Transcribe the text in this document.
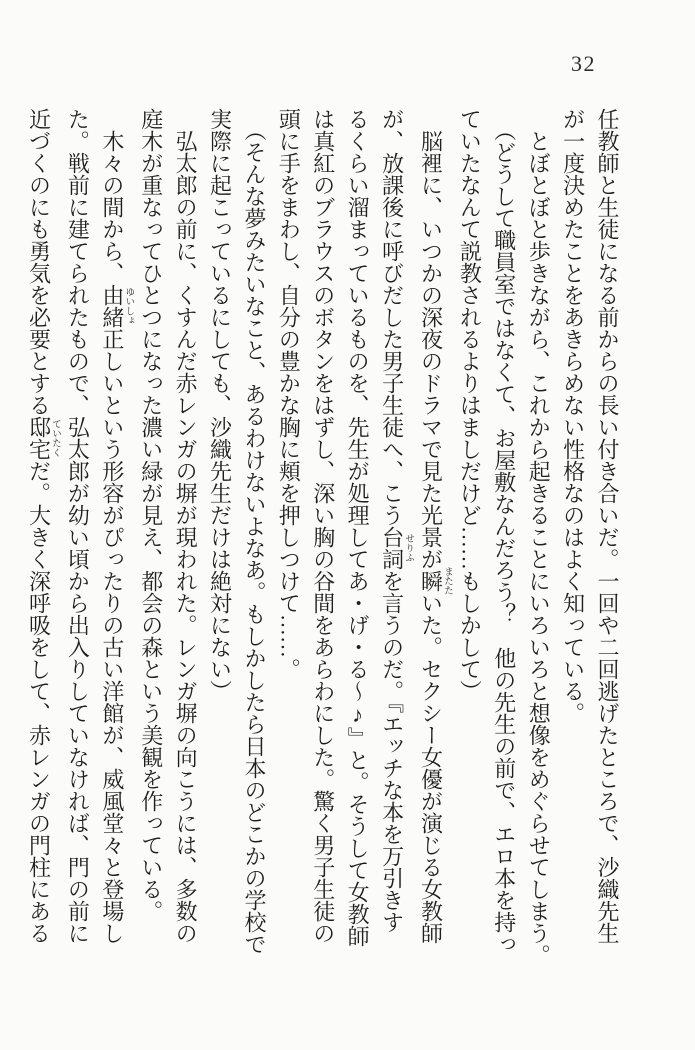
32
任教師と生徒になる前からの長い付き合いだ。一回や二回逃げたところで、沙織先生
が一度決めたことをあきらめない性格なのはよく知っている。
とぼとぼと歩きながら、これから起きることにいろいろと想像をめぐらせてしまう。
（どうして職員室ではなくて、お屋敷なんだろう？　他の先生の前で、エロ本を持っ
ていたなんて説教されるよりはましだけど……もしかして）
脳裡に、いつかの深夜のドラマで見た光景が瞬またたいた。セクシー女優が演じる女教師
が、放課後に呼びだした男子生徒へ、こう台詞せりふを言うのだ。『エッチな本を万引きす
るくらい溜まっているものを、先生が処理してあ・げ・る～♪』と。そうして女教師
は真紅のブラウスのボタンをはずし、深い胸の谷間をあらわにした。驚く男子生徒の
頭に手をまわし、自分の豊かな胸に頬を押しつけて……。
（そんな夢みたいなこと、あるわけないよなあ。もしかしたら日本のどこかの学校で
実際に起こっているにしても、沙織先生だけは絶対にない）
弘太郎の前に、くすんだ赤レンガの塀が現われた。レンガ塀の向こうには、多数の
庭木が重なってひとつになった濃い緑が見え、都会の森という美観を作っている。
木々の間から、由緒ゆいしょ正しいという形容がぴったりの古い洋館が、威風堂々と登場し
た。戦前に建てられたもので、弘太郎が幼い頃から出入りしていなければ、門の前に
近づくのにも勇気を必要とする邸宅ていたくだ。大きく深呼吸をして、赤レンガの門柱にある
